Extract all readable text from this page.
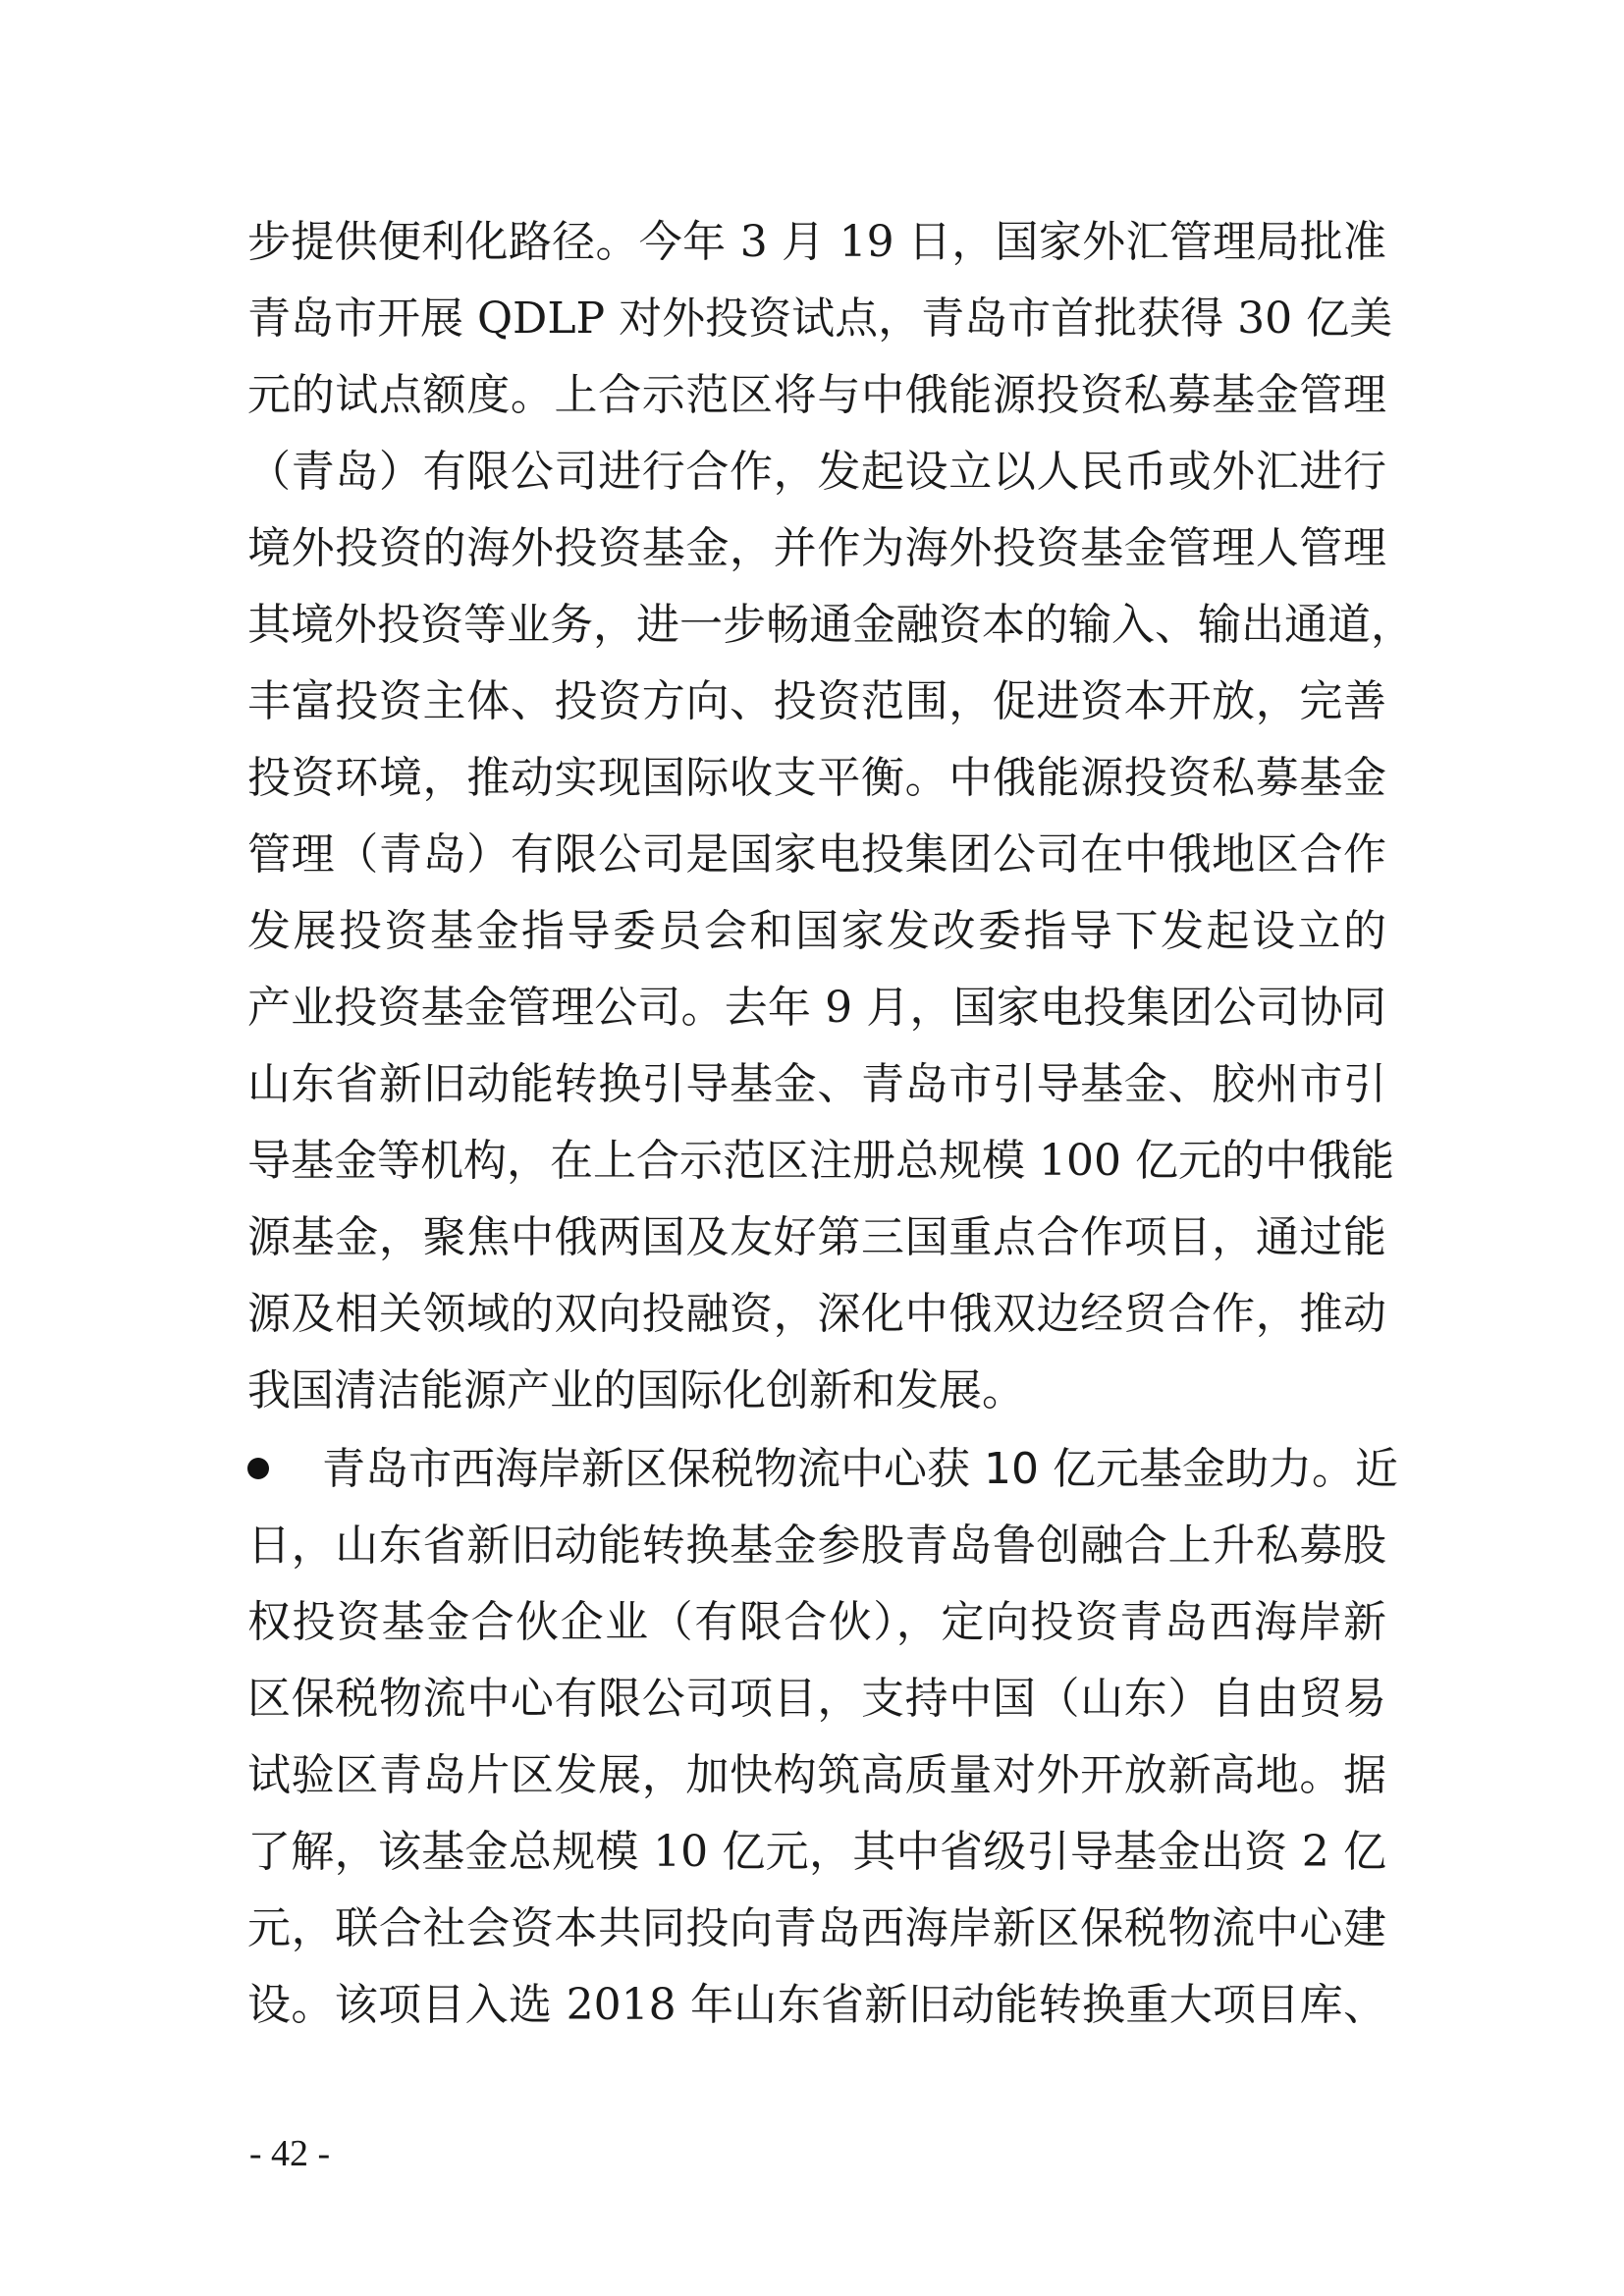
步提供便利化路径。今年 3 月 19 日，国家外汇管理局批准
青岛市开展 QDLP 对外投资试点，青岛市首批获得 30 亿美
元的试点额度。上合示范区将与中俄能源投资私募基金管理
（青岛）有限公司进行合作，发起设立以人民币或外汇进行
境外投资的海外投资基金，并作为海外投资基金管理人管理
其境外投资等业务，进一步畅通金融资本的输入、输出通道，
丰富投资主体、投资方向、投资范围，促进资本开放，完善
投资环境，推动实现国际收支平衡。中俄能源投资私募基金
管理（青岛）有限公司是国家电投集团公司在中俄地区合作
发展投资基金指导委员会和国家发改委指导下发起设立的
产业投资基金管理公司。去年 9 月，国家电投集团公司协同
山东省新旧动能转换引导基金、青岛市引导基金、胶州市引
导基金等机构，在上合示范区注册总规模 100 亿元的中俄能
源基金，聚焦中俄两国及友好第三国重点合作项目，通过能
源及相关领域的双向投融资，深化中俄双边经贸合作，推动
我国清洁能源产业的国际化创新和发展。
青岛市西海岸新区保税物流中心获 10 亿元基金助力。近
日，山东省新旧动能转换基金参股青岛鲁创融合上升私募股
权投资基金合伙企业（有限合伙），定向投资青岛西海岸新
区保税物流中心有限公司项目，支持中国（山东）自由贸易
试验区青岛片区发展，加快构筑高质量对外开放新高地。据
了解，该基金总规模 10 亿元，其中省级引导基金出资 2 亿
元，联合社会资本共同投向青岛西海岸新区保税物流中心建
设。该项目入选 2018 年山东省新旧动能转换重大项目库、
- 42 -
